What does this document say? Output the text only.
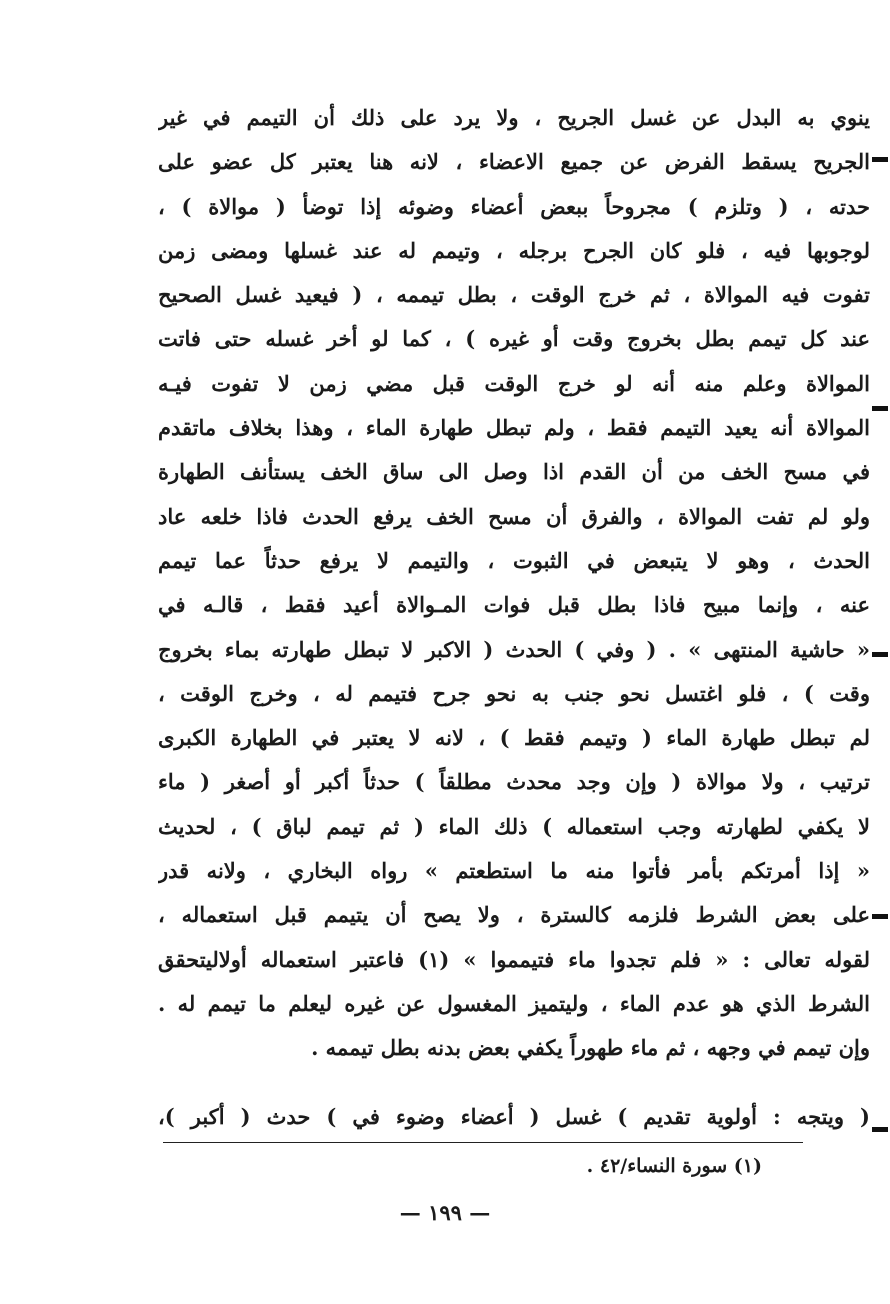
ينوي به البدل عن غسل الجريح ، ولا يرد على ذلك أن التيمم في غير
الجريح يسقط الفرض عن جميع الاعضاء ، لانه هنا يعتبر كل عضو على
حدته ، ( وتلزم ) مجروحاً ببعض أعضاء وضوئه إذا توضأ ( موالاة ) ،
لوجوبها فيه ، فلو كان الجرح برجله ، وتيمم له عند غسلها ومضى زمن
تفوت فيه الموالاة ، ثم خرج الوقت ، بطل تيممه ، ( فيعيد غسل الصحيح
عند كل تيمم بطل بخروج وقت أو غيره ) ، كما لو أخر غسله حتى فاتت
الموالاة وعلم منه أنه لو خرج الوقت قبل مضي زمن لا تفوت فيـه
الموالاة أنه يعيد التيمم فقط ، ولم تبطل طهارة الماء ، وهذا بخلاف ماتقدم
في مسح الخف من أن القدم اذا وصل الى ساق الخف يستأنف الطهارة
ولو لم تفت الموالاة ، والفرق أن مسح الخف يرفع الحدث فاذا خلعه عاد
الحدث ، وهو لا يتبعض في الثبوت ، والتيمم لا يرفع حدثاً عما تيمم
عنه ، وإنما مبيح فاذا بطل قبل فوات المـوالاة أعيد فقط ، قالـه في
« حاشية المنتهى » . ( وفي ) الحدث ( الاكبر لا تبطل طهارته بماء بخروج
وقت ) ، فلو اغتسل نحو جنب به نحو جرح فتيمم له ، وخرج الوقت ،
لم تبطل طهارة الماء ( وتيمم فقط ) ، لانه لا يعتبر في الطهارة الكبرى
ترتيب ، ولا موالاة ( وإن وجد محدث مطلقاً ) حدثاً أكبر أو أصغر ( ماء
لا يكفي لطهارته وجب استعماله ) ذلك الماء ( ثم تيمم لباق ) ، لحديث
« إذا أمرتكم بأمر فأتوا منه ما استطعتم » رواه البخاري ، ولانه قدر
على بعض الشرط فلزمه كالسترة ، ولا يصح أن يتيمم قبل استعماله ،
لقوله تعالى : « فلم تجدوا ماء فتيمموا » (١) فاعتبر استعماله أولاليتحقق
الشرط الذي هو عدم الماء ، وليتميز المغسول عن غيره ليعلم ما تيمم له .
وإن تيمم في وجهه ، ثم ماء طهوراً يكفي بعض بدنه بطل تيممه .
( ويتجه : أولوية تقديم ) غسل ( أعضاء وضوء في ) حدث ( أكبر )،
(١) سورة النساء/٤٢ .
— ١٩٩ —
